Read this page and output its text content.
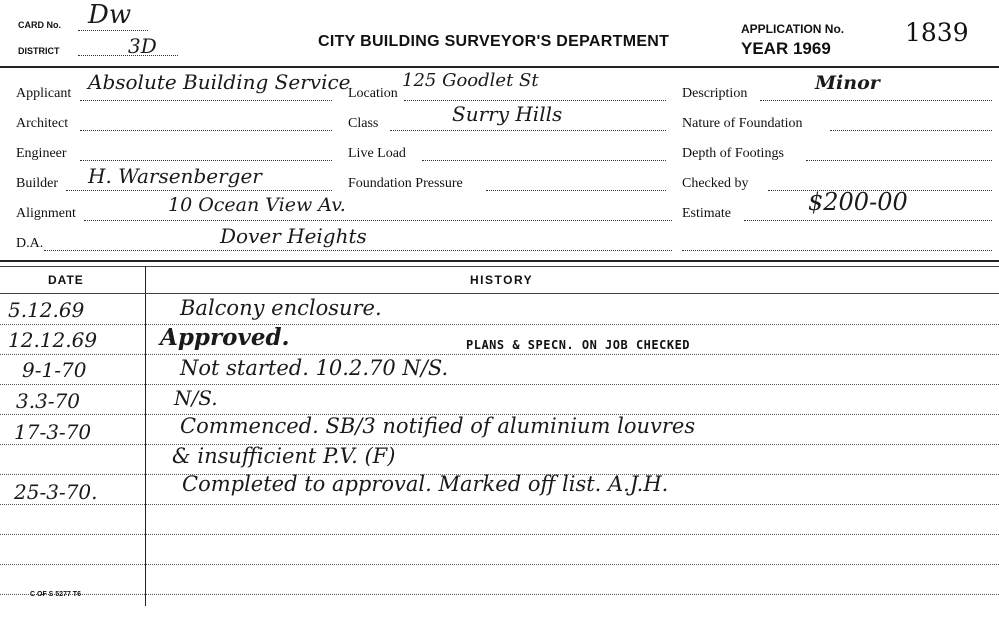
CARD No. Dw
DISTRICT	3D	CITY BUILDING SURVEYOR'S DEPARTMENT
APPLICATION No.
YEAR 1969
1839
Applicant Absolute Building Service
Architect
Engineer
Builder H. Warsenberger
Alignment	10 Ocean View Av.
D.A.	Dover Heights
Location
125 Goodlet St
Class	Surry Hills
Live Load
Foundation Pressure
Description	Minor
Nature of Foundation
Depth of Footings
Checked by
Estimate	$200-00
DATE	HISTORY
5.12.69	Balcony enclosure.
12.12.69	Approved.	PLANS & SPECN. ON JOB CHECKED
9-1-70	Not started. 10.2.70 N/S.
3.3-70	N/S.
17-3-70	Commenced. SB/3 notified of aluminium louvres
& insufficient P.V. (F)
25-3-70.	Completed to approval. Marked off list. A.J.H.
C OF S 5277 T6
